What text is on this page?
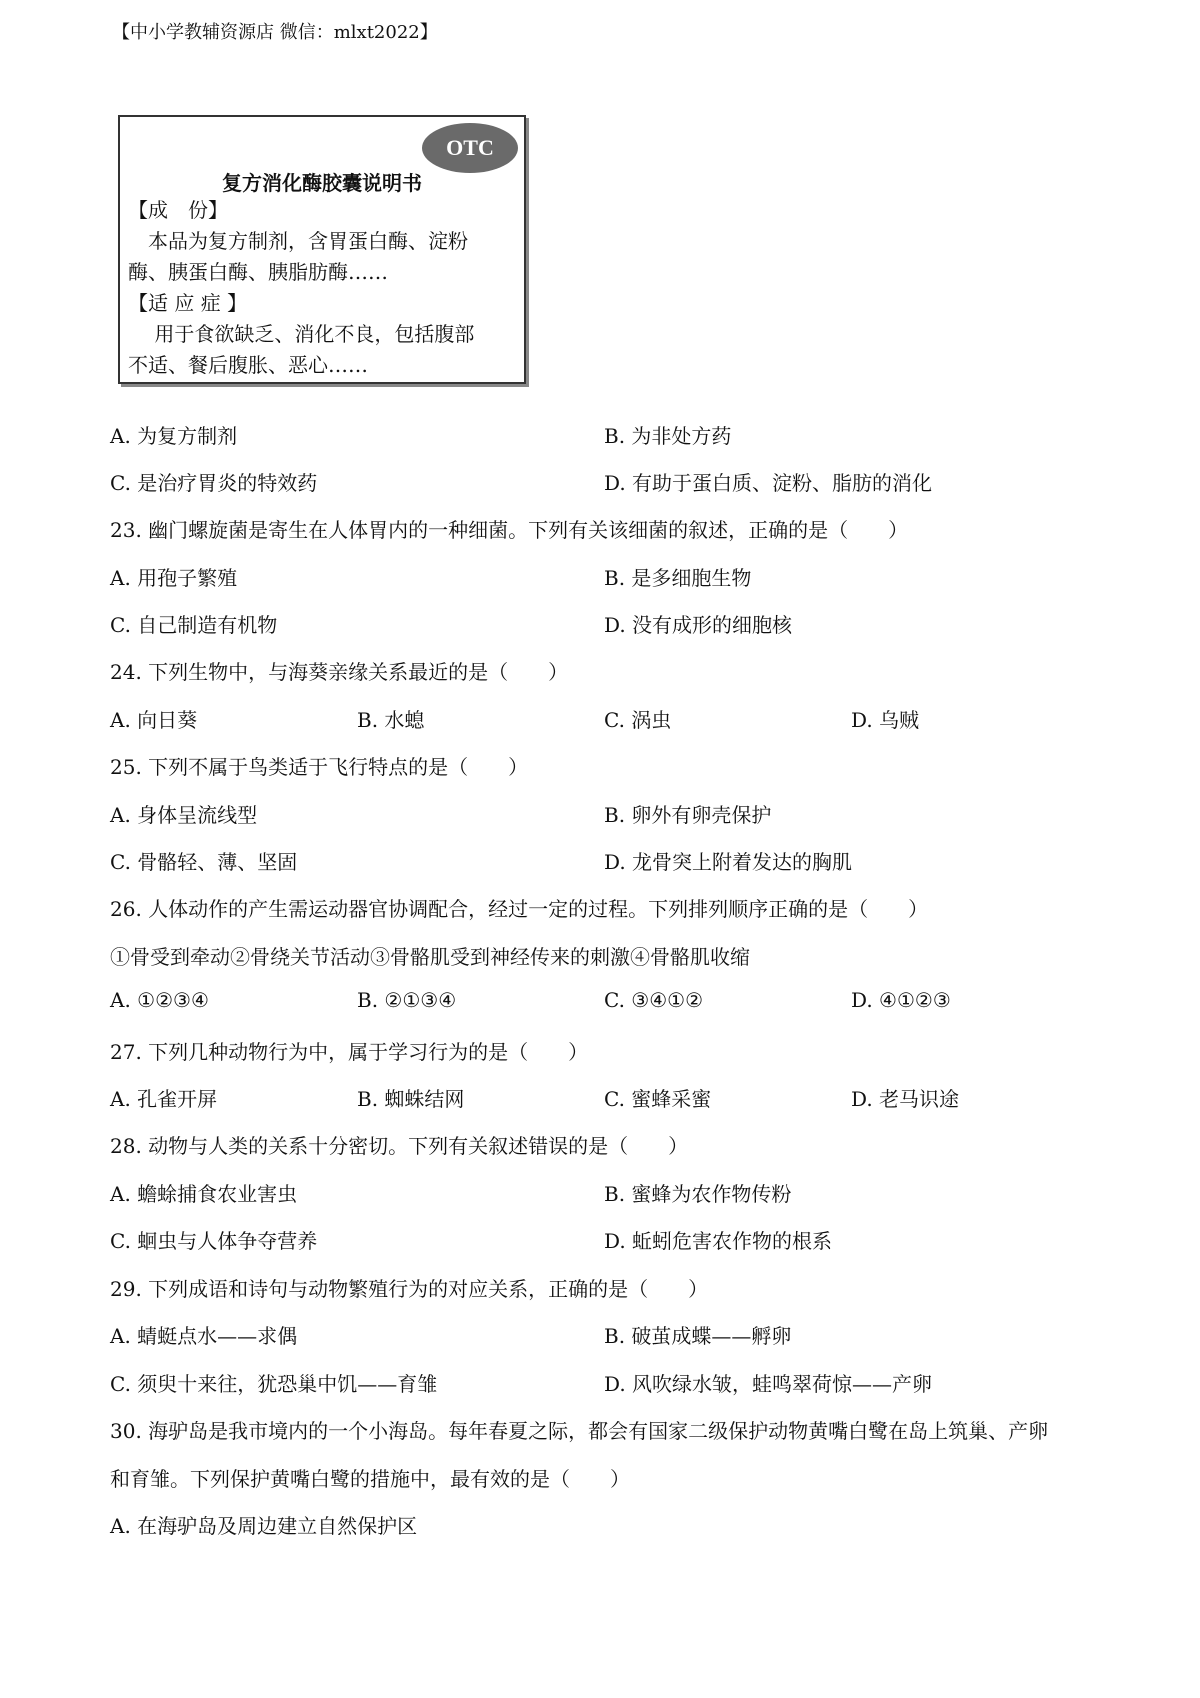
【中小学教辅资源店 微信：mlxt2022】
OTC
复方消化酶胶囊说明书
【成　份】
　本品为复方制剂，含胃蛋白酶、淀粉
酶、胰蛋白酶、胰脂肪酶……
【适 应 症 】
　 用于食欲缺乏、消化不良，包括腹部
不适、餐后腹胀、恶心……
A. 为复方制剂	B. 为非处方药
C. 是治疗胃炎的特效药	D. 有助于蛋白质、淀粉、脂肪的消化
23. 幽门螺旋菌是寄生在人体胃内的一种细菌。下列有关该细菌的叙述，正确的是（　　）
A. 用孢子繁殖	B. 是多细胞生物
C. 自己制造有机物	D. 没有成形的细胞核
24. 下列生物中，与海葵亲缘关系最近的是（　　）
A. 向日葵	B. 水螅	C. 涡虫	D. 乌贼
25. 下列不属于鸟类适于飞行特点的是（　　）
A. 身体呈流线型	B. 卵外有卵壳保护
C. 骨骼轻、薄、坚固	D. 龙骨突上附着发达的胸肌
26. 人体动作的产生需运动器官协调配合，经过一定的过程。下列排列顺序正确的是（　　）
①骨受到牵动②骨绕关节活动③骨骼肌受到神经传来的刺激④骨骼肌收缩
A. ①②③④	B. ②①③④	C. ③④①②	D. ④①②③
27. 下列几种动物行为中，属于学习行为的是（　　）
A. 孔雀开屏	B. 蜘蛛结网	C. 蜜蜂采蜜	D. 老马识途
28. 动物与人类的关系十分密切。下列有关叙述错误的是（　　）
A. 蟾蜍捕食农业害虫	B. 蜜蜂为农作物传粉
C. 蛔虫与人体争夺营养	D. 蚯蚓危害农作物的根系
29. 下列成语和诗句与动物繁殖行为的对应关系，正确的是（　　）
A. 蜻蜓点水——求偶	B. 破茧成蝶——孵卵
C. 须臾十来往，犹恐巢中饥——育雏	D. 风吹绿水皱，蛙鸣翠荷惊——产卵
30. 海驴岛是我市境内的一个小海岛。每年春夏之际，都会有国家二级保护动物黄嘴白鹭在岛上筑巢、产卵
和育雏。下列保护黄嘴白鹭的措施中，最有效的是（　　）
A. 在海驴岛及周边建立自然保护区
